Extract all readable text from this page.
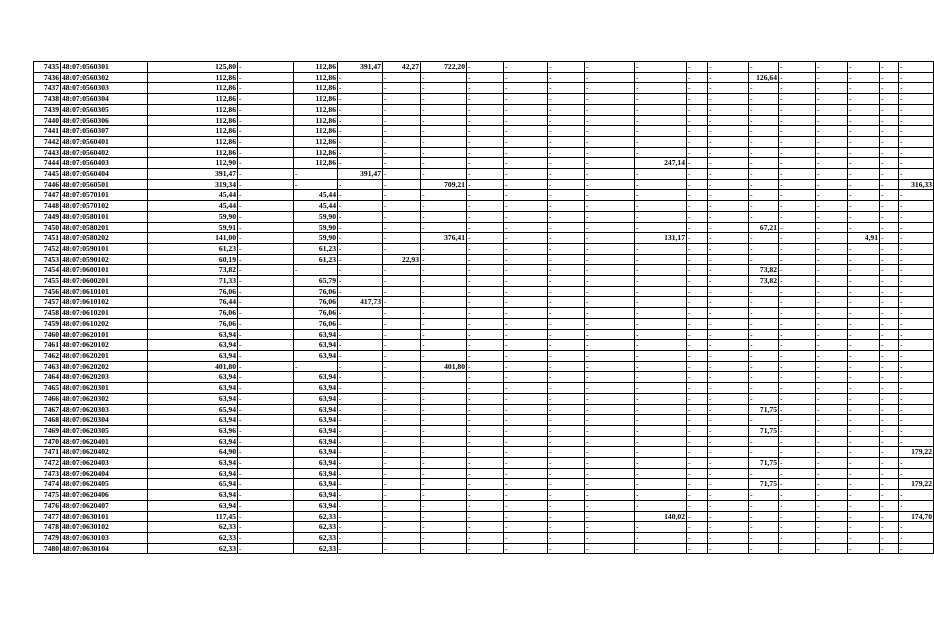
7435	48:07:0560301	125,80	-	112,86	391,47	42,27	722,20	-	-	-	-	-	-	-	-	-	-	-	-	-
7436	48:07:0560302	112,86	-	112,86	-	-	-	-	-	-	-	-	-	-	126,64	-	-	-	-	-
7437	48:07:0560303	112,86	-	112,86	-	-	-	-	-	-	-	-	-	-	-	-	-	-	-	-
7438	48:07:0560304	112,86	-	112,86	-	-	-	-	-	-	-	-	-	-	-	-	-	-	-	-
7439	48:07:0560305	112,86	-	112,86	-	-	-	-	-	-	-	-	-	-	-	-	-	-	-	-
7440	48:07:0560306	112,86	-	112,86	-	-	-	-	-	-	-	-	-	-	-	-	-	-	-	-
7441	48:07:0560307	112,86	-	112,86	-	-	-	-	-	-	-	-	-	-	-	-	-	-	-	-
7442	48:07:0560401	112,86	-	112,86	-	-	-	-	-	-	-	-	-	-	-	-	-	-	-	-
7443	48:07:0560402	112,86	-	112,86	-	-	-	-	-	-	-	-	-	-	-	-	-	-	-	-
7444	48:07:0560403	112,90	-	112,86	-	-	-	-	-	-	-	247,14	-	-	-	-	-	-	-	-
7445	48:07:0560404	391,47	-	-	391,47	-	-	-	-	-	-	-	-	-	-	-	-	-	-	-
7446	48:07:0560501	319,34	-	-	-	-	709,21	-	-	-	-	-	-	-	-	-	-	-	-	316,33
7447	48:07:0570101	45,44	-	45,44	-	-	-	-	-	-	-	-	-	-	-	-	-	-	-	-
7448	48:07:0570102	45,44	-	45,44	-	-	-	-	-	-	-	-	-	-	-	-	-	-	-	-
7449	48:07:0580101	59,90	-	59,90	-	-	-	-	-	-	-	-	-	-	-	-	-	-	-	-
7450	48:07:0580201	59,91	-	59,90	-	-	-	-	-	-	-	-	-	-	67,21	-	-	-	-	-
7451	48:07:0580202	141,00	-	59,90	-	-	376,41	-	-	-	-	131,17	-	-	-	-	-	4,91	-	-
7452	48:07:0590101	61,23	-	61,23	-	-	-	-	-	-	-	-	-	-	-	-	-	-	-	-
7453	48:07:0590102	60,19	-	61,23	-	22,93	-	-	-	-	-	-	-	-	-	-	-	-	-	-
7454	48:07:0600101	73,82	-	-	-	-	-	-	-	-	-	-	-	-	73,82	-	-	-	-	-
7455	48:07:0600201	71,33	-	65,79	-	-	-	-	-	-	-	-	-	-	73,82	-	-	-	-	-
7456	48:07:0610101	76,06	-	76,06	-	-	-	-	-	-	-	-	-	-	-	-	-	-	-	-
7457	48:07:0610102	76,44	-	76,06	417,73	-	-	-	-	-	-	-	-	-	-	-	-	-	-	-
7458	48:07:0610201	76,06	-	76,06	-	-	-	-	-	-	-	-	-	-	-	-	-	-	-	-
7459	48:07:0610202	76,06	-	76,06	-	-	-	-	-	-	-	-	-	-	-	-	-	-	-	-
7460	48:07:0620101	63,94	-	63,94	-	-	-	-	-	-	-	-	-	-	-	-	-	-	-	-
7461	48:07:0620102	63,94	-	63,94	-	-	-	-	-	-	-	-	-	-	-	-	-	-	-	-
7462	48:07:0620201	63,94	-	63,94	-	-	-	-	-	-	-	-	-	-	-	-	-	-	-	-
7463	48:07:0620202	401,80	-	-	-	-	401,80	-	-	-	-	-	-	-	-	-	-	-	-	-
7464	48:07:0620203	63,94	-	63,94	-	-	-	-	-	-	-	-	-	-	-	-	-	-	-	-
7465	48:07:0620301	63,94	-	63,94	-	-	-	-	-	-	-	-	-	-	-	-	-	-	-	-
7466	48:07:0620302	63,94	-	63,94	-	-	-	-	-	-	-	-	-	-	-	-	-	-	-	-
7467	48:07:0620303	65,94	-	63,94	-	-	-	-	-	-	-	-	-	-	71,75	-	-	-	-	-
7468	48:07:0620304	63,94	-	63,94	-	-	-	-	-	-	-	-	-	-	-	-	-	-	-	-
7469	48:07:0620305	63,96	-	63,94	-	-	-	-	-	-	-	-	-	-	71,75	-	-	-	-	-
7470	48:07:0620401	63,94	-	63,94	-	-	-	-	-	-	-	-	-	-	-	-	-	-	-	-
7471	48:07:0620402	64,90	-	63,94	-	-	-	-	-	-	-	-	-	-	-	-	-	-	-	179,22
7472	48:07:0620403	63,94	-	63,94	-	-	-	-	-	-	-	-	-	-	71,75	-	-	-	-	-
7473	48:07:0620404	63,94	-	63,94	-	-	-	-	-	-	-	-	-	-	-	-	-	-	-	-
7474	48:07:0620405	65,94	-	63,94	-	-	-	-	-	-	-	-	-	-	71,75	-	-	-	-	179,22
7475	48:07:0620406	63,94	-	63,94	-	-	-	-	-	-	-	-	-	-	-	-	-	-	-	-
7476	48:07:0620407	63,94	-	63,94	-	-	-	-	-	-	-	-	-	-	-	-	-	-	-	-
7477	48:07:0630101	117,45	-	62,33	-	-	-	-	-	-	-	140,02	-	-	-	-	-	-	-	174,70
7478	48:07:0630102	62,33	-	62,33	-	-	-	-	-	-	-	-	-	-	-	-	-	-	-	-
7479	48:07:0630103	62,33	-	62,33	-	-	-	-	-	-	-	-	-	-	-	-	-	-	-	-
7480	48:07:0630104	62,33	-	62,33	-	-	-	-	-	-	-	-	-	-	-	-	-	-	-	-
